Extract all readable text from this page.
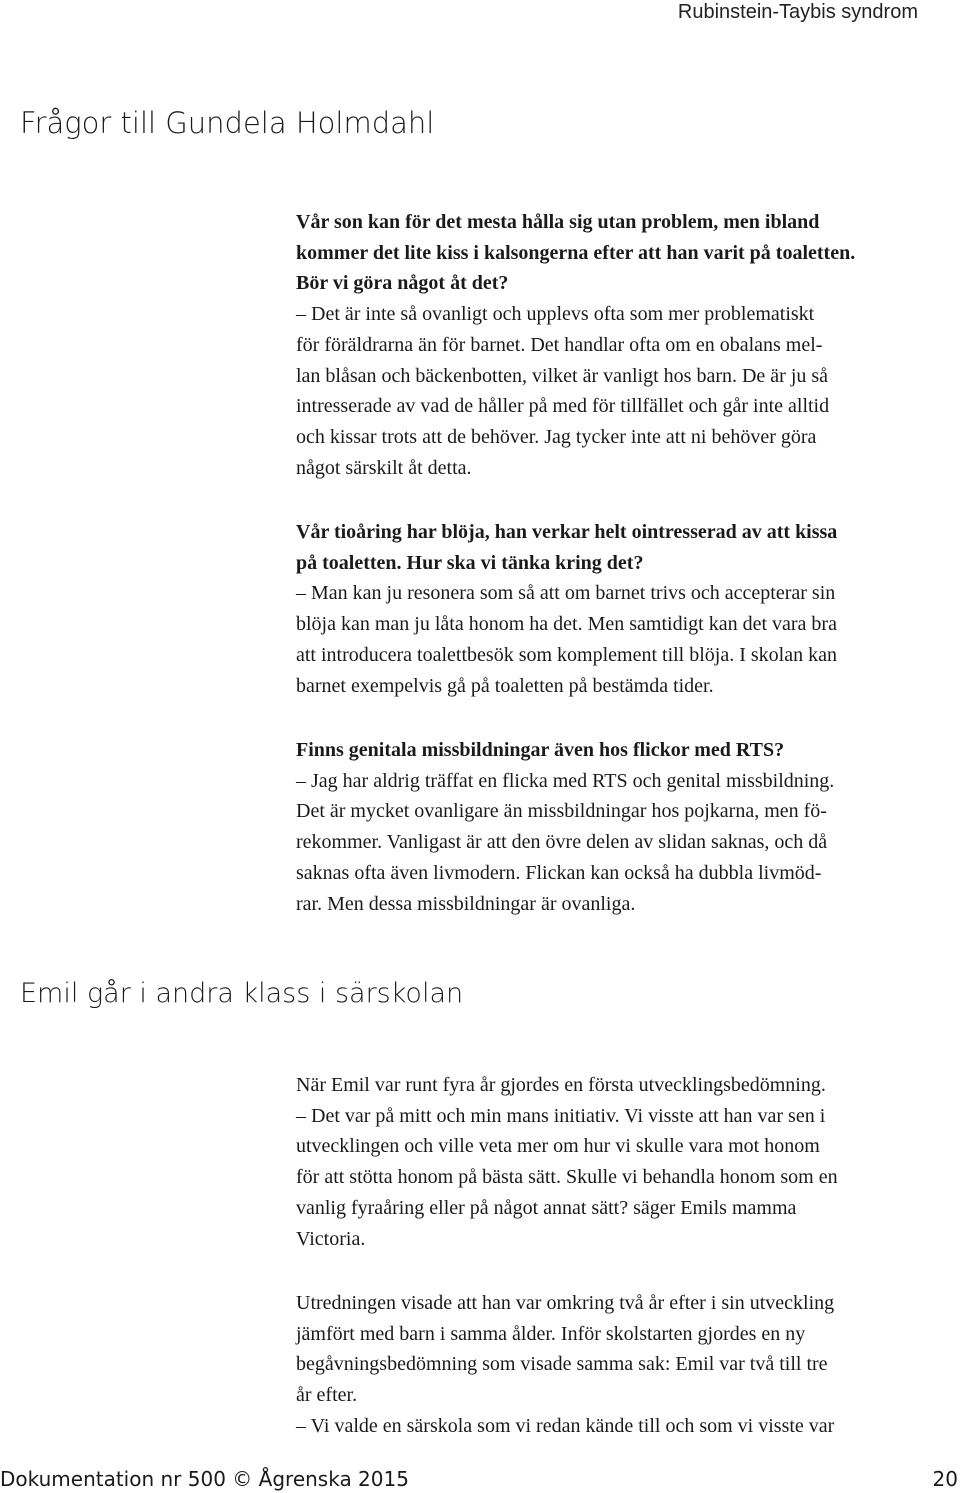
Rubinstein-Taybis syndrom
Frågor till Gundela Holmdahl

Vår son kan för det mesta hålla sig utan problem, men ibland
kommer det lite kiss i kalsongerna efter att han varit på toaletten.
Bör vi göra något åt det?

– Det är inte så ovanligt och upplevs ofta som mer problematiskt
för föräldrarna än för barnet. Det handlar ofta om en obalans mel-
lan blåsan och bäckenbotten, vilket är vanligt hos barn. De är ju så
intresserade av vad de håller på med för tillfället och går inte alltid
och kissar trots att de behöver. Jag tycker inte att ni behöver göra
något särskilt åt detta.

Vår tioåring har blöja, han verkar helt ointresserad av att kissa
på toaletten. Hur ska vi tänka kring det?

– Man kan ju resonera som så att om barnet trivs och accepterar sin
blöja kan man ju låta honom ha det. Men samtidigt kan det vara bra
att introducera toalettbesök som komplement till blöja. I skolan kan
barnet exempelvis gå på toaletten på bestämda tider.

Finns genitala missbildningar även hos flickor med RTS?

– Jag har aldrig träffat en flicka med RTS och genital missbildning.
Det är mycket ovanligare än missbildningar hos pojkarna, men fö-
rekommer. Vanligast är att den övre delen av slidan saknas, och då
saknas ofta även livmodern. Flickan kan också ha dubbla livmöd-
rar. Men dessa missbildningar är ovanliga.

Emil går i andra klass i särskolan
När Emil var runt fyra år gjordes en första utvecklingsbedömning.
– Det var på mitt och min mans initiativ. Vi visste att han var sen i
utvecklingen och ville veta mer om hur vi skulle vara mot honom
för att stötta honom på bästa sätt. Skulle vi behandla honom som en
vanlig fyraåring eller på något annat sätt? säger Emils mamma
Victoria.
Utredningen visade att han var omkring två år efter i sin utveckling
jämfört med barn i samma ålder. Inför skolstarten gjordes en ny
begåvningsbedömning som visade samma sak: Emil var två till tre
år efter.
– Vi valde en särskola som vi redan kände till och som vi visste var
Dokumentation nr 500 © Ågrenska 2015	20
